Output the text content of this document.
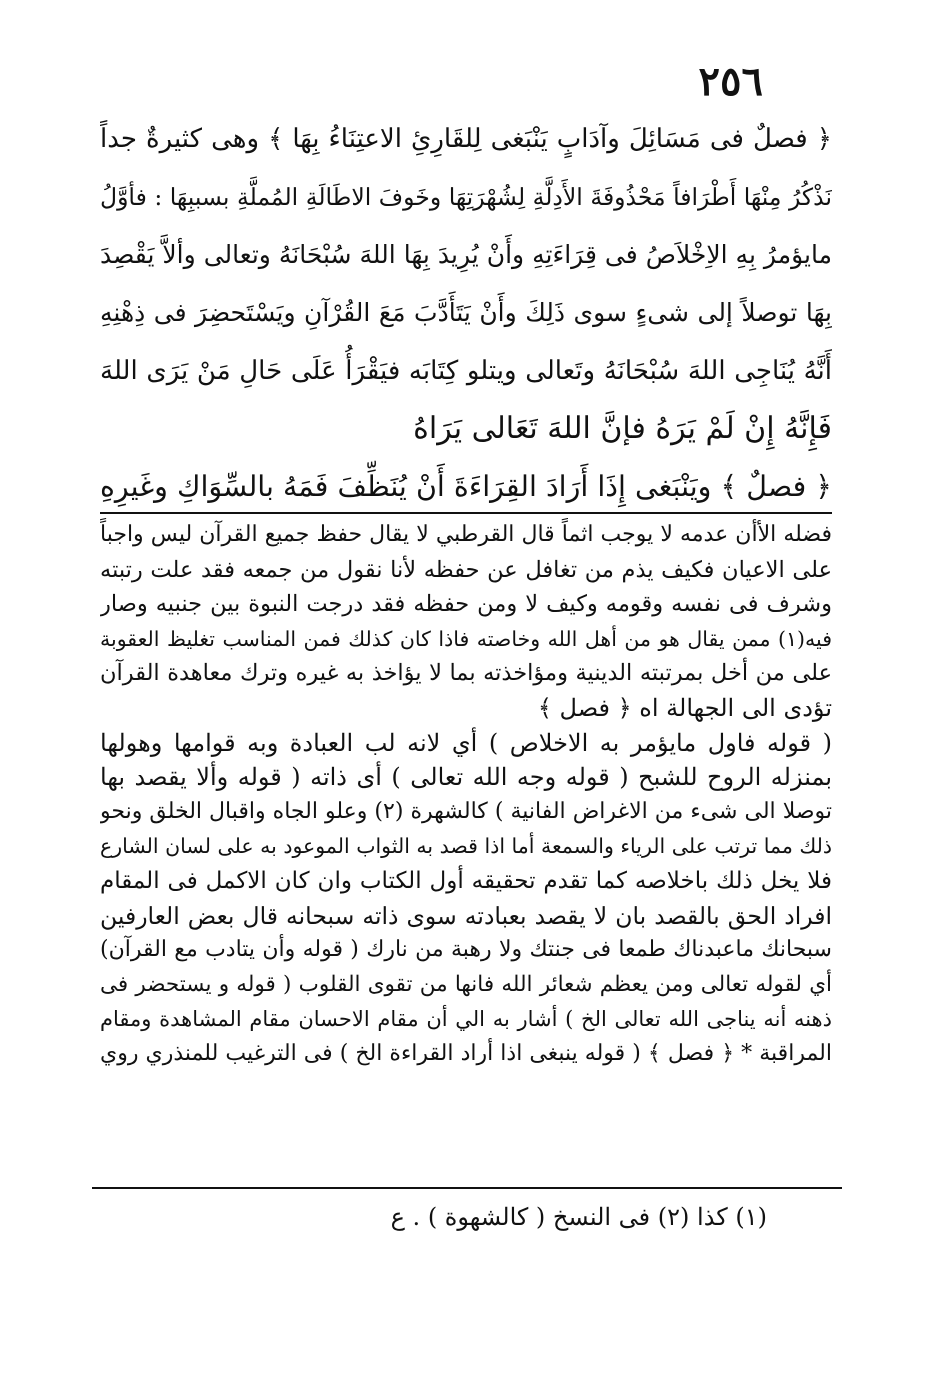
٢٥٦
﴿ فصلٌ فى مَسَائِلَ وآدَابٍ يَنْبَغى لِلقَارِئِ الاعتِنَاءُ بِهَا ﴾ وهى كثيرةٌ جداً
نَذْكُرُ مِنْهَا أَطْرَافاً مَحْذُوفَةَ الأَدِلَّةِ لِشُهْرَتِهَا وخَوفَ الاطَالَةِ المُملَّةِ بسببِهَا : فأوَّلُ
مايؤمرُ بِهِ الاِخْلاَصُ فى قِرَاءَتِهِ وأَنْ يُرِيدَ بِهَا اللهَ سُبْحَانَهُ وتعالى وألاَّ يَقْصِدَ
بِهَا توصلاً إلى شىءٍ سوى ذَلِكَ وأَنْ يَتَأَدَّبَ مَعَ القُرْآنِ ويَسْتَحضِرَ فى ذِهْنِهِ
أَنَّهُ يُنَاجِى اللهَ سُبْحَانَهُ وتَعالى ويتلو كِتَابَه فيَقْرَأُ عَلَى حَالِ مَنْ يَرَى اللهَ
فَإِنَّهُ إِنْ لَمْ يَرَهُ فإنَّ اللهَ تَعَالى يَرَاهُ
﴿ فصلٌ ﴾ ويَنْبَغى إِذَا أَرَادَ القِرَاءَةَ أَنْ يُنَظِّفَ فَمَهُ بالسِّوَاكِ وغَيرِهِ
فضله الأأن عدمه لا يوجب اثماً قال القرطبي لا يقال حفظ جميع القرآن ليس واجباً
على الاعيان فكيف يذم من تغافل عن حفظه لأنا نقول من جمعه فقد علت رتبته
وشرف فى نفسه وقومه وكيف لا ومن حفظه فقد درجت النبوة بين جنبيه وصار
فيه(١) ممن يقال هو من أهل الله وخاصته فاذا كان كذلك فمن المناسب تغليظ العقوبة
على من أخل بمرتبته الدينية ومؤاخذته بما لا يؤاخذ به غيره وترك معاهدة القرآن
تؤدى الى الجهالة اه ﴿ فصل ﴾
( قوله فاول مايؤمر به الاخلاص ) أي لانه لب العبادة وبه قوامها وهولها
بمنزله الروح للشبح ( قوله وجه الله تعالى ) أى ذاته ( قوله وألا يقصد بها
توصلا الى شىء من الاغراض الفانية ) كالشهرة (٢) وعلو الجاه واقبال الخلق ونحو
ذلك مما ترتب على الرياء والسمعة أما اذا قصد به الثواب الموعود به على لسان الشارع
فلا يخل ذلك باخلاصه كما تقدم تحقيقه أول الكتاب وان كان الاكمل فى المقام
افراد الحق بالقصد بان لا يقصد بعبادته سوى ذاته سبحانه قال بعض العارفين
سبحانك ماعبدناك طمعا فى جنتك ولا رهبة من نارك ( قوله وأن يتادب مع القرآن)
أي لقوله تعالى ومن يعظم شعائر الله فانها من تقوى القلوب ( قوله و يستحضر فى
ذهنه أنه يناجى الله تعالى الخ ) أشار به الي أن مقام الاحسان مقام المشاهدة ومقام
المراقبة * ﴿ فصل ﴾ ( قوله ينبغى اذا أراد القراءة الخ ) فى الترغيب للمنذري روي
(١) كذا (٢) فى النسخ ( كالشهوة ) . ع
